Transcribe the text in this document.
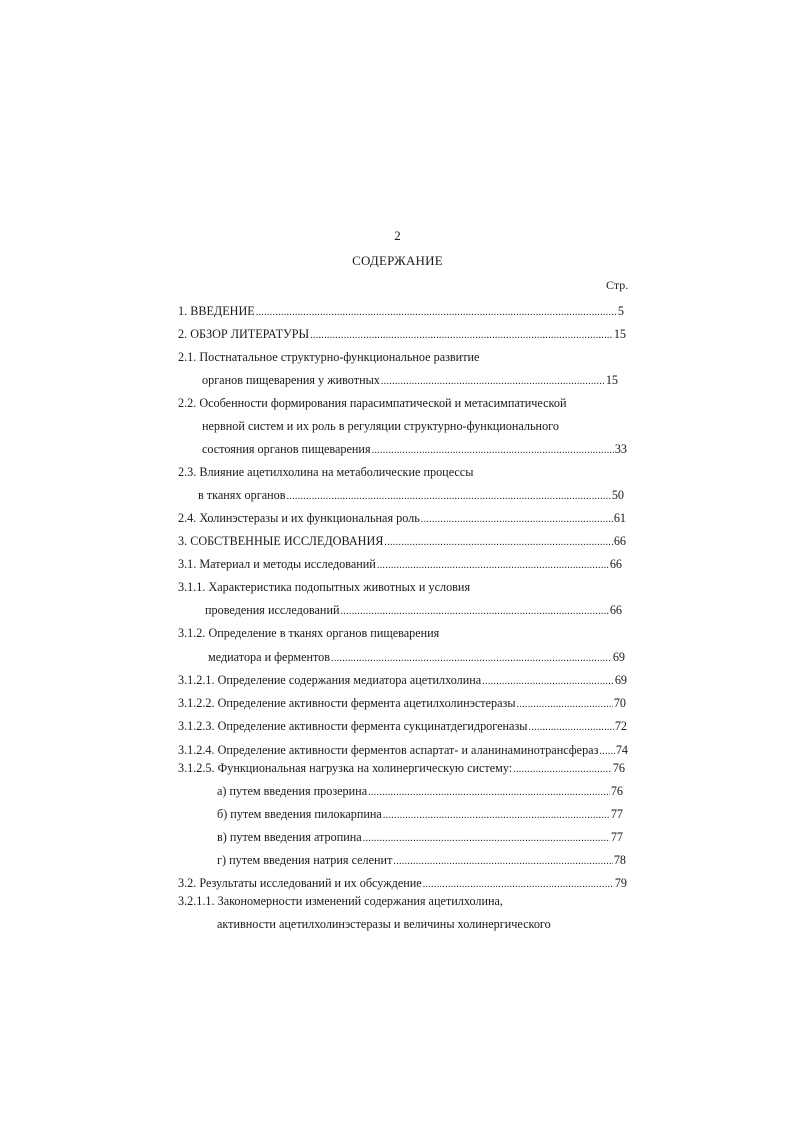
2
СОДЕРЖАНИЕ
Стр.
1. ВВЕДЕНИЕ .....	5
2. ОБЗОР ЛИТЕРАТУРЫ .....	15
2.1. Постнатальное структурно-функциональное развитие
органов пищеварения у животных .....	15
2.2. Особенности формирования парасимпатической и метасимпатической
нервной систем и их роль в регуляции структурно-функционального
состояния органов пищеварения .....	33
2.3. Влияние ацетилхолина на метаболические процессы
в тканях органов .....	50
2.4. Холинэстеразы и их функциональная роль .....	61
3. СОБСТВЕННЫЕ ИССЛЕДОВАНИЯ .....	66
3.1. Материал и методы исследований .....	66
3.1.1. Характеристика подопытных животных и условия
проведения исследований .....	66
3.1.2. Определение в тканях органов пищеварения
медиатора и ферментов .....	69
3.1.2.1. Определение содержания медиатора ацетилхолина .....	69
3.1.2.2. Определение активности фермента ацетилхолинэстеразы .....	70
3.1.2.3. Определение активности фермента сукцинатдегидрогеназы .....	72
3.1.2.4. Определение активности ферментов аспартат- и аланинаминотрансфераз ..... 74
3.1.2.5. Функциональная нагрузка на холинергическую систему: .....	76
а) путем введения прозерина .....	76
б) путем введения пилокарпина .....	77
в) путем введения атропина .....	77
г) путем введения натрия селенит .....	78
3.2. Результаты исследований и их обсуждение .....	79
3.2.1.1. Закономерности изменений содержания ацетилхолина,
активности ацетилхолинэстеразы и величины холинергического
